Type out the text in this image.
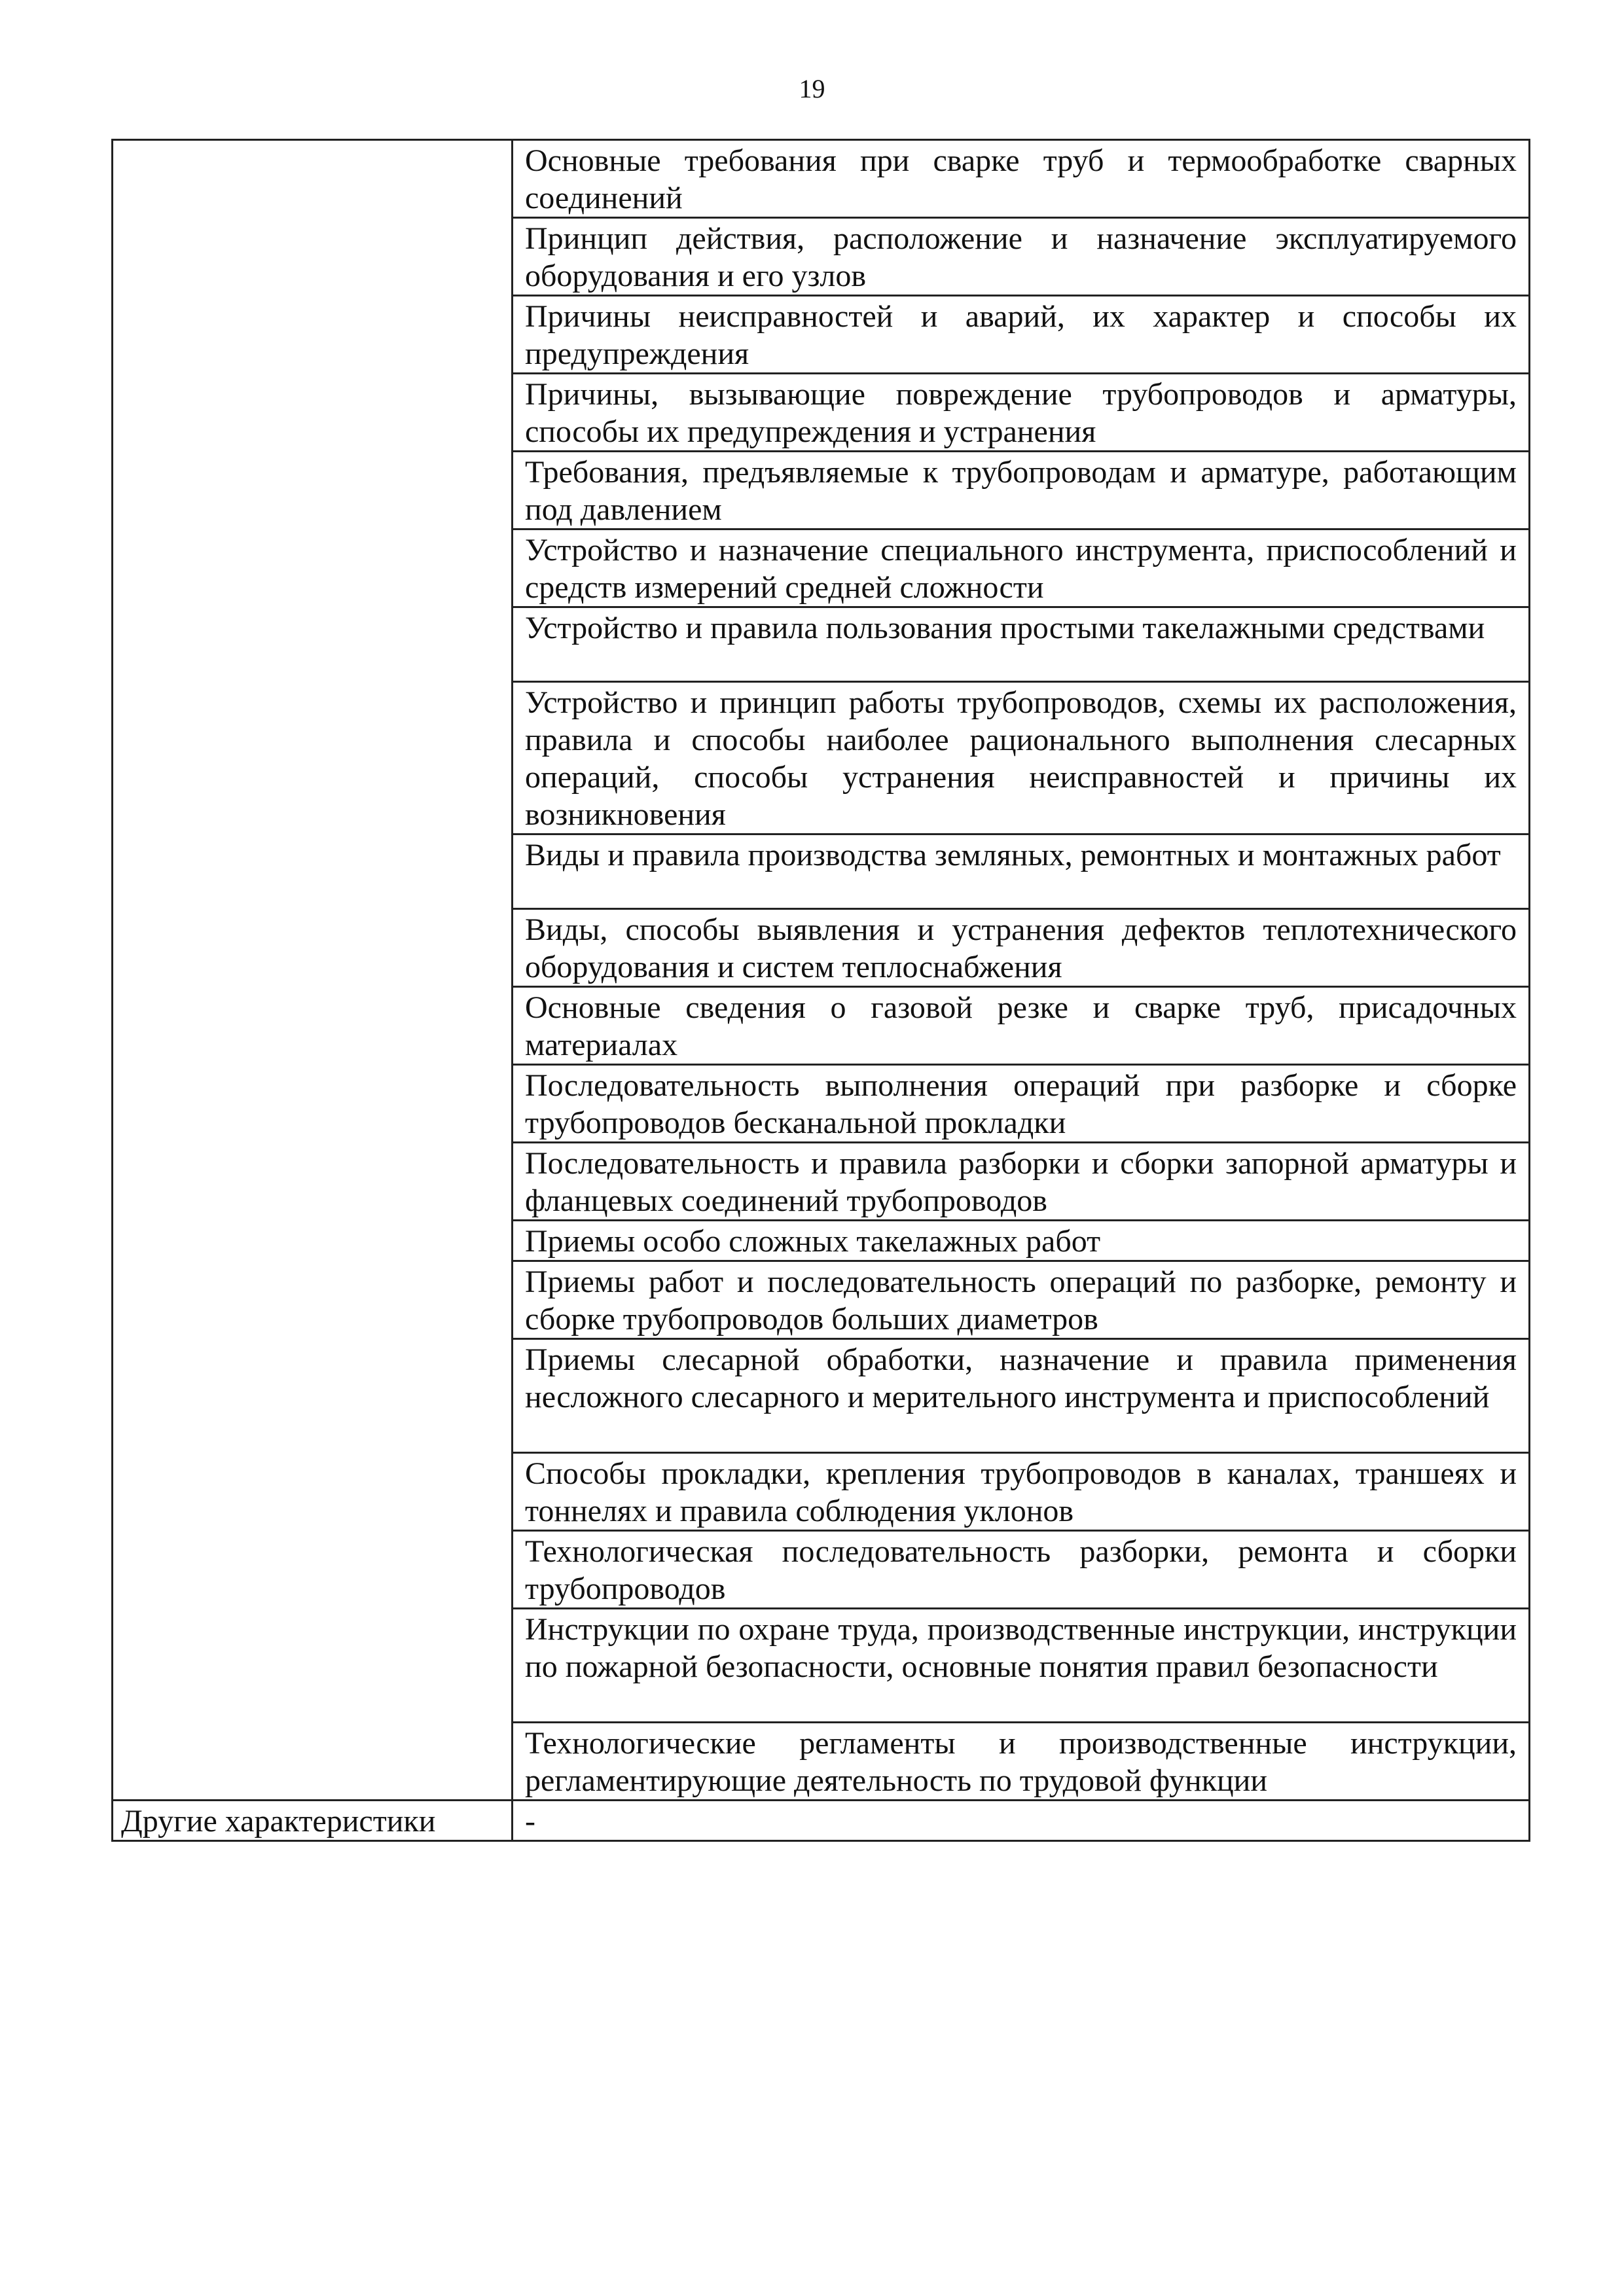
19
	Основные требования при сварке труб и термообработке сварных соединений
	Принцип действия, расположение и назначение эксплуатируемого оборудования и его узлов
	Причины неисправностей и аварий, их характер и способы их предупреждения
	Причины, вызывающие повреждение трубопроводов и арматуры, способы их предупреждения и устранения
	Требования, предъявляемые к трубопроводам и арматуре, работающим под давлением
	Устройство и назначение специального инструмента, приспособлений и средств измерений средней сложности
	Устройство и правила пользования простыми такелажными средствами
	Устройство и принцип работы трубопроводов, схемы их расположения, правила и способы наиболее рационального выполнения слесарных операций, способы устранения неисправностей и причины их возникновения
	Виды и правила производства земляных, ремонтных и монтажных работ
	Виды, способы выявления и устранения дефектов теплотехнического оборудования и систем теплоснабжения
	Основные сведения о газовой резке и сварке труб, присадочных материалах
	Последовательность выполнения операций при разборке и сборке трубопроводов бесканальной прокладки
	Последовательность и правила разборки и сборки запорной арматуры и фланцевых соединений трубопроводов
	Приемы особо сложных такелажных работ
	Приемы работ и последовательность операций по разборке, ремонту и сборке трубопроводов больших диаметров
	Приемы слесарной обработки, назначение и правила применения несложного слесарного и мерительного инструмента и приспособлений
	Способы прокладки, крепления трубопроводов в каналах, траншеях и тоннелях и правила соблюдения уклонов
	Технологическая последовательность разборки, ремонта и сборки трубопроводов
	Инструкции по охране труда, производственные инструкции, инструкции по пожарной безопасности, основные понятия правил безопасности
	Технологические регламенты и производственные инструкции, регламентирующие деятельность по трудовой функции
Другие характеристики	-
